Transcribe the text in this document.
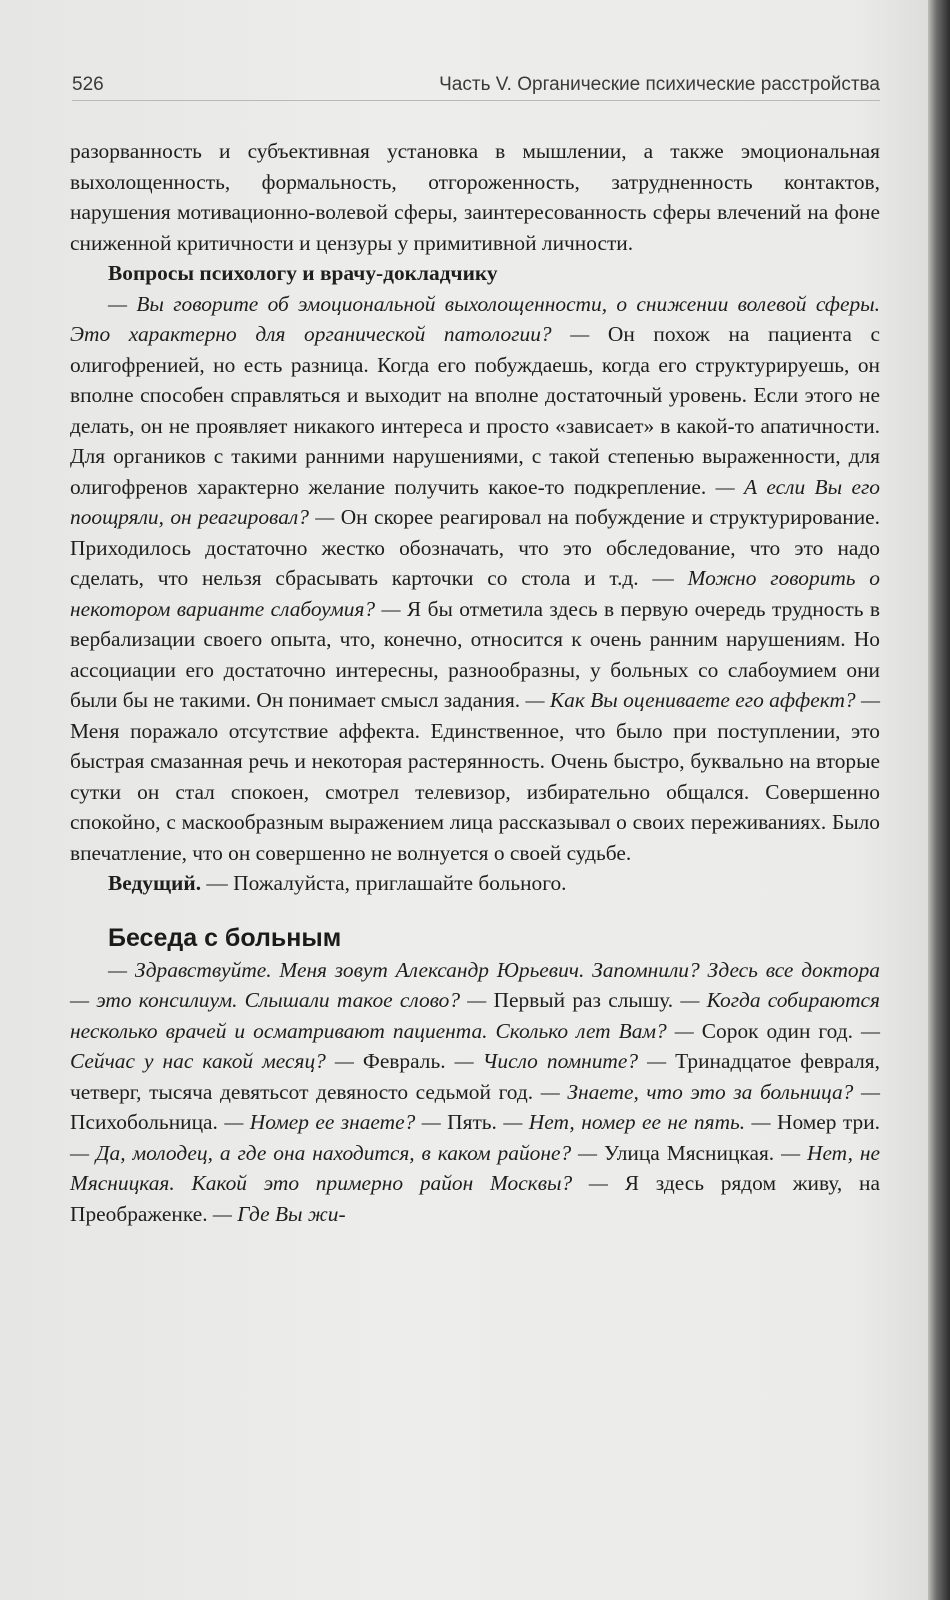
526	Часть V. Органические психические расстройства

разорванность и субъективная установка в мышлении, а также эмоциональная выхолощенность, формальность, отгороженность, затрудненность контактов, нарушения мотивационно-волевой сферы, заинтересованность сферы влечений на фоне сниженной критичности и цензуры у примитивной личности.

Вопросы психологу и врачу-докладчику

— Вы говорите об эмоциональной выхолощенности, о снижении волевой сферы. Это характерно для органической патологии? — Он похож на пациента с олигофренией, но есть разница. Когда его побуждаешь, когда его структурируешь, он вполне способен справляться и выходит на вполне достаточный уровень. Если этого не делать, он не проявляет никакого интереса и просто «зависает» в какой-то апатичности. Для органиков с такими ранними нарушениями, с такой степенью выраженности, для олигофренов характерно желание получить какое-то подкрепление. — А если Вы его поощряли, он реагировал? — Он скорее реагировал на побуждение и структурирование. Приходилось достаточно жестко обозначать, что это обследование, что это надо сделать, что нельзя сбрасывать карточки со стола и т.д. — Можно говорить о некотором варианте слабоумия? — Я бы отметила здесь в первую очередь трудность в вербализации своего опыта, что, конечно, относится к очень ранним нарушениям. Но ассоциации его достаточно интересны, разнообразны, у больных со слабоумием они были бы не такими. Он понимает смысл задания. — Как Вы оцениваете его аффект? — Меня поражало отсутствие аффекта. Единственное, что было при поступлении, это быстрая смазанная речь и некоторая растерянность. Очень быстро, буквально на вторые сутки он стал спокоен, смотрел телевизор, избирательно общался. Совершенно спокойно, с маскообразным выражением лица рассказывал о своих переживаниях. Было впечатление, что он совершенно не волнуется о своей судьбе.

Ведущий. — Пожалуйста, приглашайте больного.

Беседа с больным

— Здравствуйте. Меня зовут Александр Юрьевич. Запомнили? Здесь все доктора — это консилиум. Слышали такое слово? — Первый раз слышу. — Когда собираются несколько врачей и осматривают пациента. Сколько лет Вам? — Сорок один год. — Сейчас у нас какой месяц? — Февраль. — Число помните? — Тринадцатое февраля, четверг, тысяча девятьсот девяносто седьмой год. — Знаете, что это за больница? — Психобольница. — Номер ее знаете? — Пять. — Нет, номер ее не пять. — Номер три. — Да, молодец, а где она находится, в каком районе? — Улица Мясницкая. — Нет, не Мясницкая. Какой это примерно район Москвы? — Я здесь рядом живу, на Преображенке. — Где Вы жи-
